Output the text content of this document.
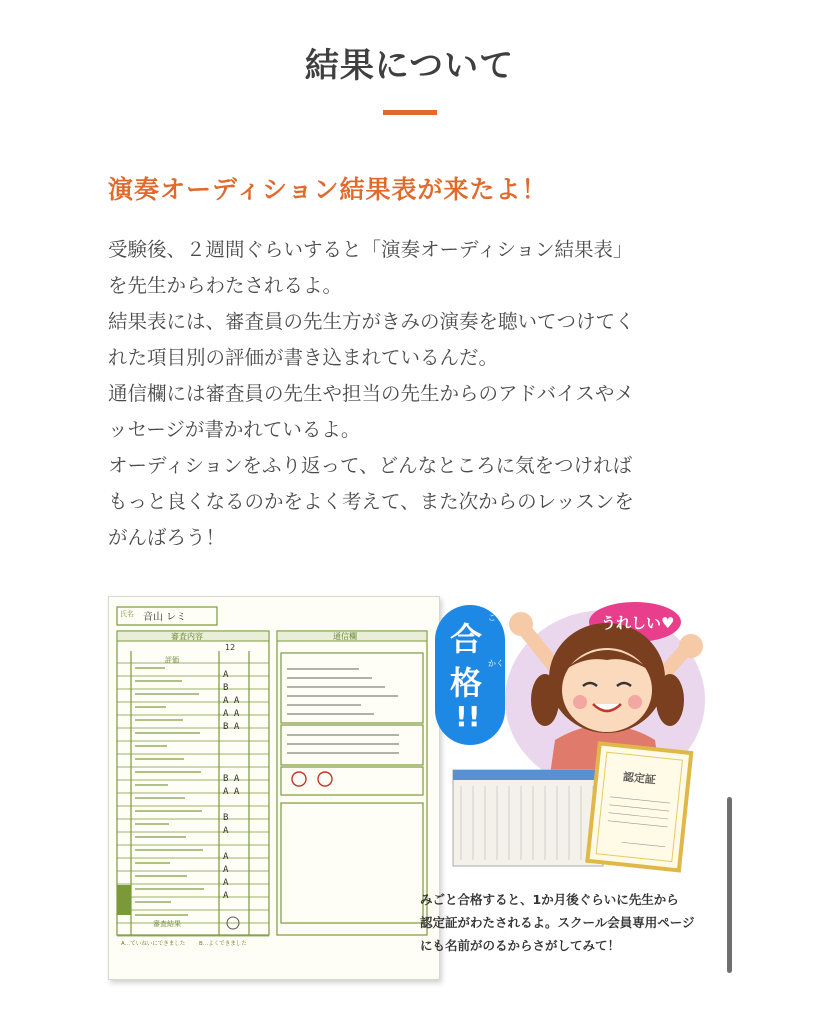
結果について
演奏オーディション結果表が来たよ！
受験後、２週間ぐらいすると「演奏オーディション結果表」
を先生からわたされるよ。
結果表には、審査員の先生方がきみの演奏を聴いてつけてく
れた項目別の評価が書き込まれているんだ。
通信欄には審査員の先生や担当の先生からのアドバイスやメ
ッセージが書かれているよ。
オーディションをふり返って、どんなところに気をつければ
もっと良くなるのかをよく考えて、また次からのレッスンを
がんばろう！
氏名 音山 レミ
審査内容	通信欄
12
評価
A
B
A A
A A
B A

B A
A A

B
A

A
A
A
A
審査結果
A…ていねいにできました B…よくできました
合
ごう
格
かく
!!
うれしい♥
認定証
みごと合格すると、1か月後ぐらいに先生から
認定証がわたされるよ。スクール会員専用ページ
にも名前がのるからさがしてみて！
